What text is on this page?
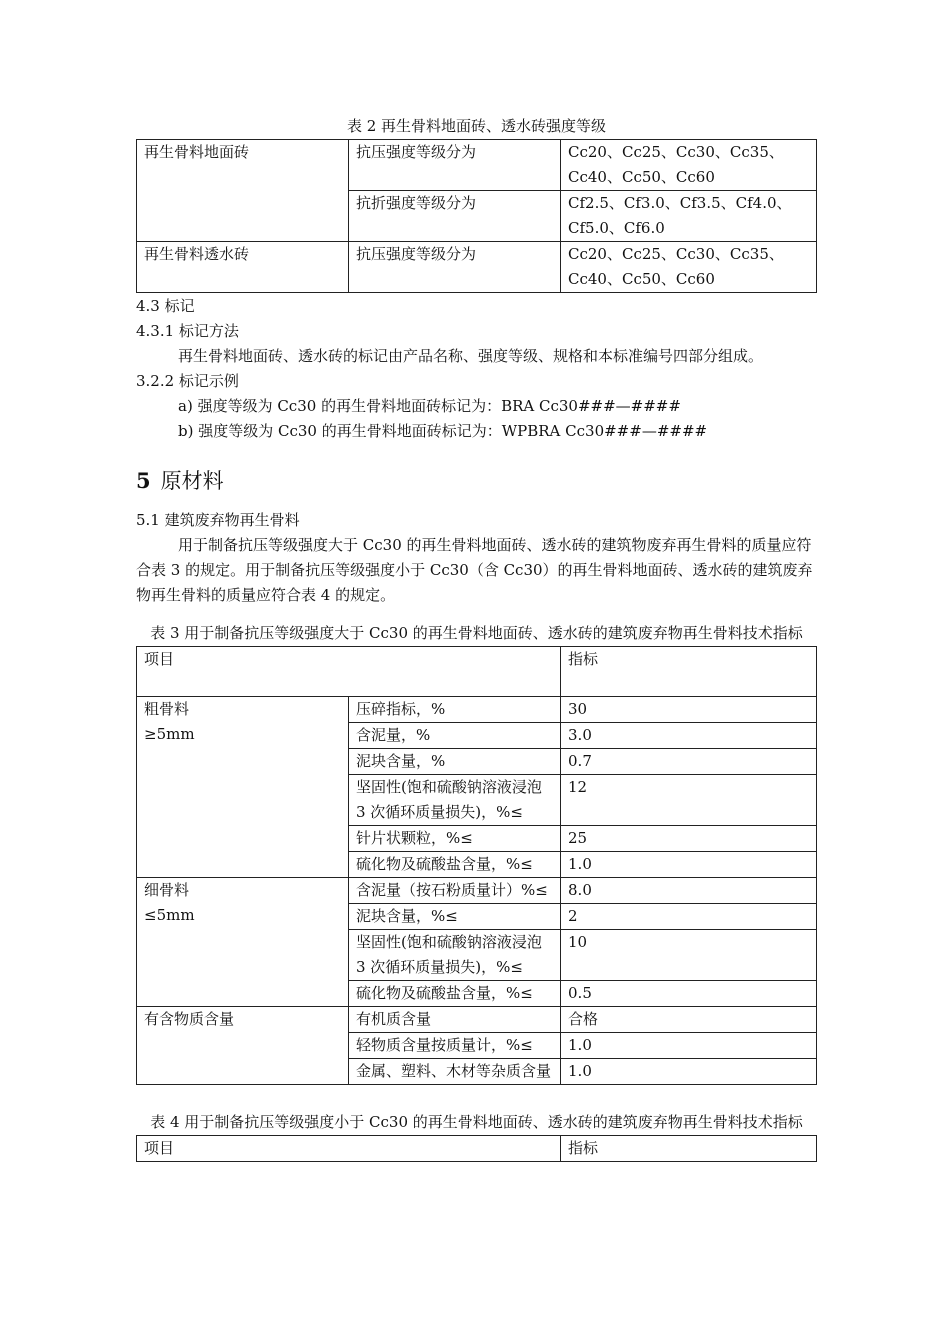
表 2 再生骨料地面砖、透水砖强度等级

再生骨料地面砖	抗压强度等级分为	Cc20、Cc25、Cc30、Cc35、Cc40、Cc50、Cc60
	抗折强度等级分为	Cf2.5、Cf3.0、Cf3.5、Cf4.0、Cf5.0、Cf6.0
再生骨料透水砖	抗压强度等级分为	Cc20、Cc25、Cc30、Cc35、Cc40、Cc50、Cc60

4.3 标记

4.3.1 标记方法

再生骨料地面砖、透水砖的标记由产品名称、强度等级、规格和本标准编号四部分组成。

3.2.2 标记示例

a) 强度等级为 Cc30 的再生骨料地面砖标记为：BRA Cc30###—####

b) 强度等级为 Cc30 的再生骨料地面砖标记为：WPBRA Cc30###—####

5 原材料

5.1 建筑废弃物再生骨料

用于制备抗压等级强度大于 Cc30 的再生骨料地面砖、透水砖的建筑物废弃再生骨料的质量应符合表 3 的规定。用于制备抗压等级强度小于 Cc30（含 Cc30）的再生骨料地面砖、透水砖的建筑废弃物再生骨料的质量应符合表 4 的规定。

表 3 用于制备抗压等级强度大于 Cc30 的再生骨料地面砖、透水砖的建筑废弃物再生骨料技术指标

项目		指标

粗骨料
≥5mm	压碎指标，%	30
	含泥量，%	3.0
	泥块含量，%	0.7
	坚固性(饱和硫酸钠溶液浸泡 3 次循环质量损失)，%≤	12
	针片状颗粒，%≤	25
	硫化物及硫酸盐含量，%≤	1.0

细骨料
≤5mm	含泥量（按石粉质量计）%≤	8.0
	泥块含量，%≤	2
	坚固性(饱和硫酸钠溶液浸泡 3 次循环质量损失)，%≤	10
	硫化物及硫酸盐含量，%≤	0.5

有含物质含量	有机质含量	合格
	轻物质含量按质量计，%≤	1.0
	金属、塑料、木材等杂质含量	1.0

表 4 用于制备抗压等级强度小于 Cc30 的再生骨料地面砖、透水砖的建筑废弃物再生骨料技术指标

项目	指标
